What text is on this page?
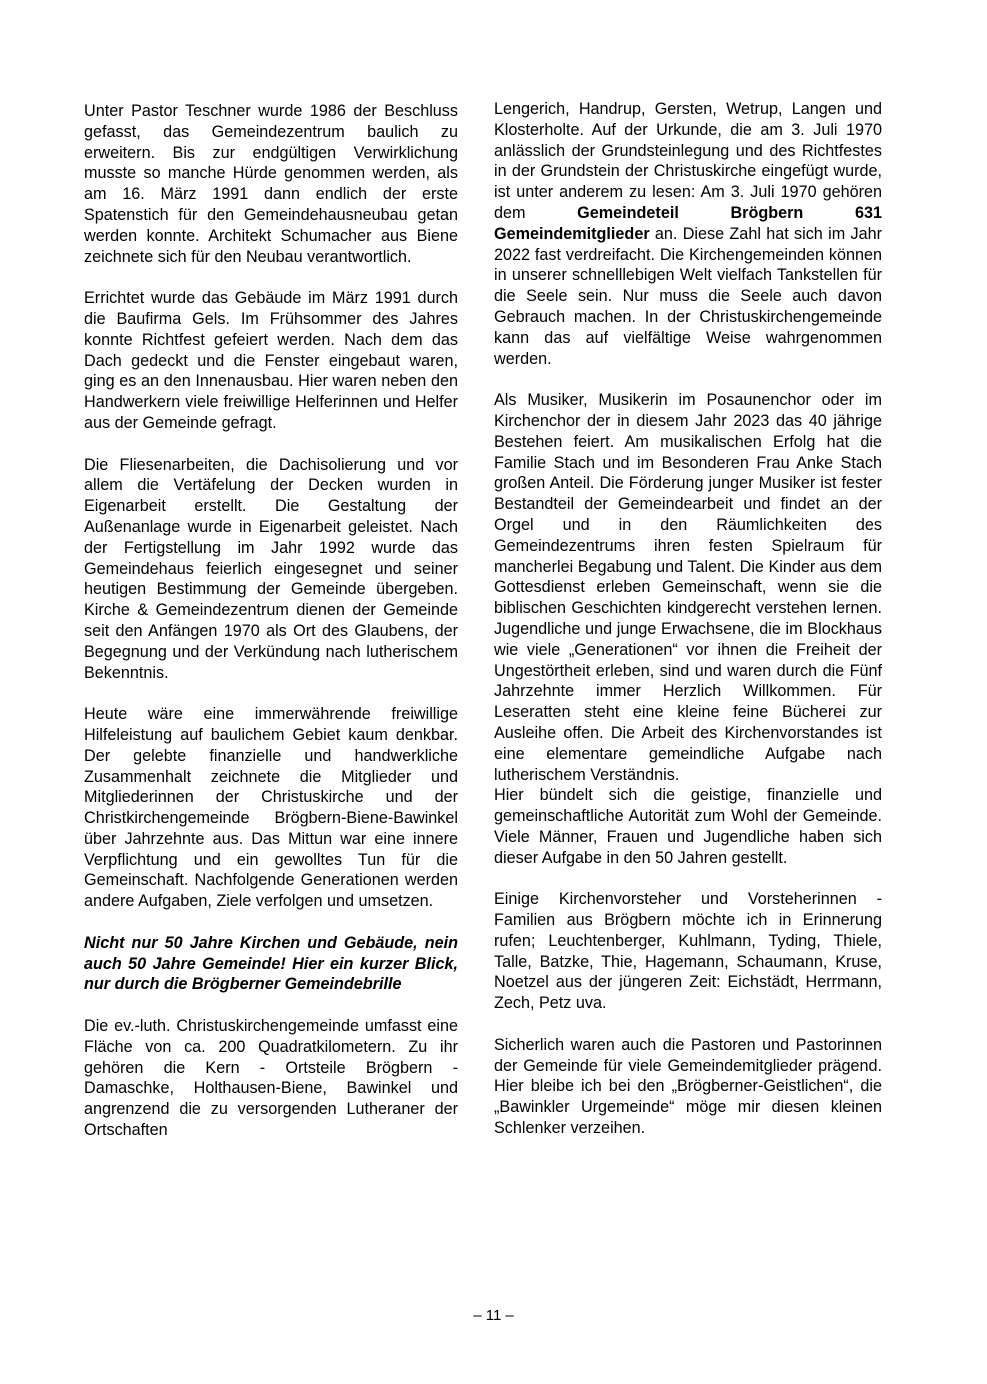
Unter Pastor Teschner wurde 1986 der Beschluss gefasst, das Gemeindezentrum baulich zu erweitern. Bis zur endgültigen Verwirklichung musste so manche Hürde genommen werden, als am 16. März 1991 dann endlich der erste Spatenstich für den Gemeindehausneubau getan werden konnte. Architekt Schumacher aus Biene zeichnete sich für den Neubau verantwortlich.

Errichtet wurde das Gebäude im März 1991 durch die Baufirma Gels. Im Frühsommer des Jahres konnte Richtfest gefeiert werden. Nach dem das Dach gedeckt und die Fenster eingebaut waren, ging es an den Innenausbau. Hier waren neben den Handwerkern viele freiwillige Helferinnen und Helfer aus der Gemeinde gefragt.

Die Fliesenarbeiten, die Dachisolierung und vor allem die Vertäfelung der Decken wurden in Eigenarbeit erstellt. Die Gestaltung der Außenanlage wurde in Eigenarbeit geleistet. Nach der Fertigstellung im Jahr 1992 wurde das Gemeindehaus feierlich eingesegnet und seiner heutigen Bestimmung der Gemeinde übergeben. Kirche & Gemeindezentrum dienen der Gemeinde seit den Anfängen 1970 als Ort des Glaubens, der Begegnung und der Verkündung nach lutherischem Bekenntnis.

Heute wäre eine immerwährende freiwillige Hilfeleistung auf baulichem Gebiet kaum denkbar. Der gelebte finanzielle und handwerkliche Zusammenhalt zeichnete die Mitglieder und Mitgliederinnen der Christuskirche und der Christkirchengemeinde Brögbern-Biene-Bawinkel über Jahrzehnte aus. Das Mittun war eine innere Verpflichtung und ein gewolltes Tun für die Gemeinschaft. Nachfolgende Generationen werden andere Aufgaben, Ziele verfolgen und umsetzen.

Nicht nur 50 Jahre Kirchen und Gebäude, nein auch 50 Jahre Gemeinde! Hier ein kurzer Blick, nur durch die Brögberner Gemeindebrille

Die ev.-luth. Christuskirchengemeinde umfasst eine Fläche von ca. 200 Quadratkilometern. Zu ihr gehören die Kern - Ortsteile Brögbern - Damaschke, Holthausen-Biene, Bawinkel und angrenzend die zu versorgenden Lutheraner der Ortschaften

Lengerich, Handrup, Gersten, Wetrup, Langen und Klosterholte. Auf der Urkunde, die am 3. Juli 1970 anlässlich der Grundsteinlegung und des Richtfestes in der Grundstein der Christuskirche eingefügt wurde, ist unter anderem zu lesen: Am 3. Juli 1970 gehören dem Gemeindeteil Brögbern 631 Gemeindemitglieder an. Diese Zahl hat sich im Jahr 2022 fast verdreifacht. Die Kirchengemeinden können in unserer schnelllebigen Welt vielfach Tankstellen für die Seele sein. Nur muss die Seele auch davon Gebrauch machen. In der Christuskirchengemeinde kann das auf vielfältige Weise wahrgenommen werden.

Als Musiker, Musikerin im Posaunenchor oder im Kirchenchor der in diesem Jahr 2023 das 40 jährige Bestehen feiert. Am musikalischen Erfolg hat die Familie Stach und im Besonderen Frau Anke Stach großen Anteil. Die Förderung junger Musiker ist fester Bestandteil der Gemeindearbeit und findet an der Orgel und in den Räumlichkeiten des Gemeindezentrums ihren festen Spielraum für mancherlei Begabung und Talent. Die Kinder aus dem Gottesdienst erleben Gemeinschaft, wenn sie die biblischen Geschichten kindgerecht verstehen lernen. Jugendliche und junge Erwachsene, die im Blockhaus wie viele „Generationen“ vor ihnen die Freiheit der Ungestörtheit erleben, sind und waren durch die Fünf Jahrzehnte immer Herzlich Willkommen. Für Leseratten steht eine kleine feine Bücherei zur Ausleihe offen. Die Arbeit des Kirchenvorstandes ist eine elementare gemeindliche Aufgabe nach lutherischem Verständnis.

Hier bündelt sich die geistige, finanzielle und gemeinschaftliche Autorität zum Wohl der Gemeinde. Viele Männer, Frauen und Jugendliche haben sich dieser Aufgabe in den 50 Jahren gestellt.

Einige Kirchenvorsteher und Vorsteherinnen - Familien aus Brögbern möchte ich in Erinnerung rufen; Leuchtenberger, Kuhlmann, Tyding, Thiele, Talle, Batzke, Thie, Hagemann, Schaumann, Kruse, Noetzel aus der jüngeren Zeit: Eichstädt, Herrmann, Zech, Petz uva.

Sicherlich waren auch die Pastoren und Pastorinnen der Gemeinde für viele Gemeindemitglieder prägend. Hier bleibe ich bei den „Brögberner-Geistlichen“, die „Bawinkler Urgemeinde“ möge mir diesen kleinen Schlenker verzeihen.

– 11 –
